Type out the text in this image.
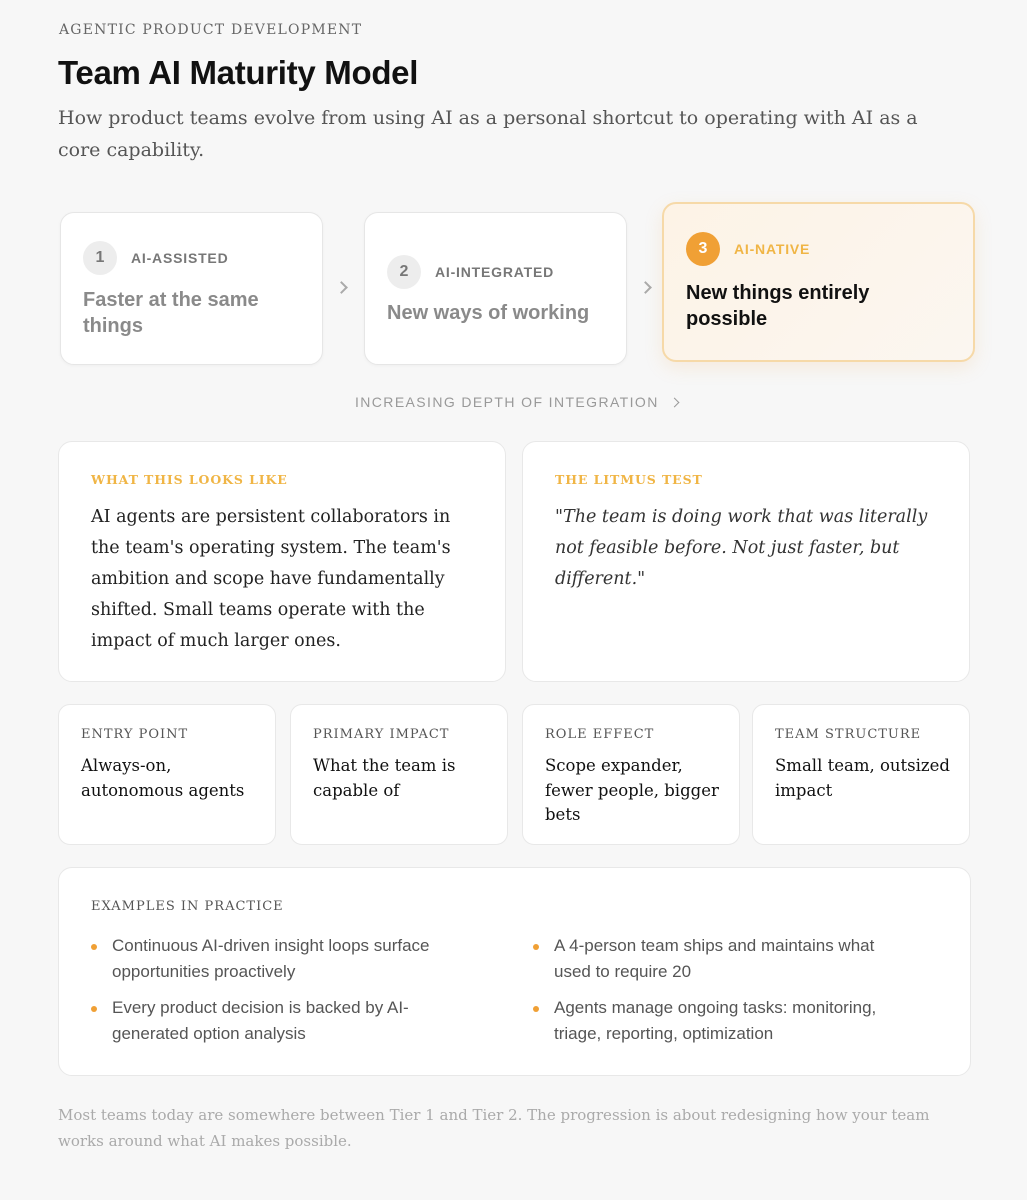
AGENTIC PRODUCT DEVELOPMENT
Team AI Maturity Model

How product teams evolve from using AI as a personal shortcut to operating with AI as a core capability.

1	AI-ASSISTED
Faster at the same things
2	AI-INTEGRATED
New ways of working
3	AI-NATIVE
New things entirely possible
INCREASING DEPTH OF INTEGRATION
WHAT THIS LOOKS LIKE
AI agents are persistent collaborators in the team's operating system. The team's ambition and scope have fundamentally shifted. Small teams operate with the impact of much larger ones.
THE LITMUS TEST
"The team is doing work that was literally not feasible before. Not just faster, but different."
ENTRY POINT
Always-on, autonomous agents
PRIMARY IMPACT
What the team is capable of
ROLE EFFECT
Scope expander, fewer people, bigger bets
TEAM STRUCTURE
Small team, outsized impact
EXAMPLES IN PRACTICE
Continuous AI-driven insight loops surface opportunities proactively
A 4-person team ships and maintains what used to require 20
Every product decision is backed by AI-generated option analysis
Agents manage ongoing tasks: monitoring, triage, reporting, optimization

Most teams today are somewhere between Tier 1 and Tier 2. The progression is about redesigning how your team works around what AI makes possible.
